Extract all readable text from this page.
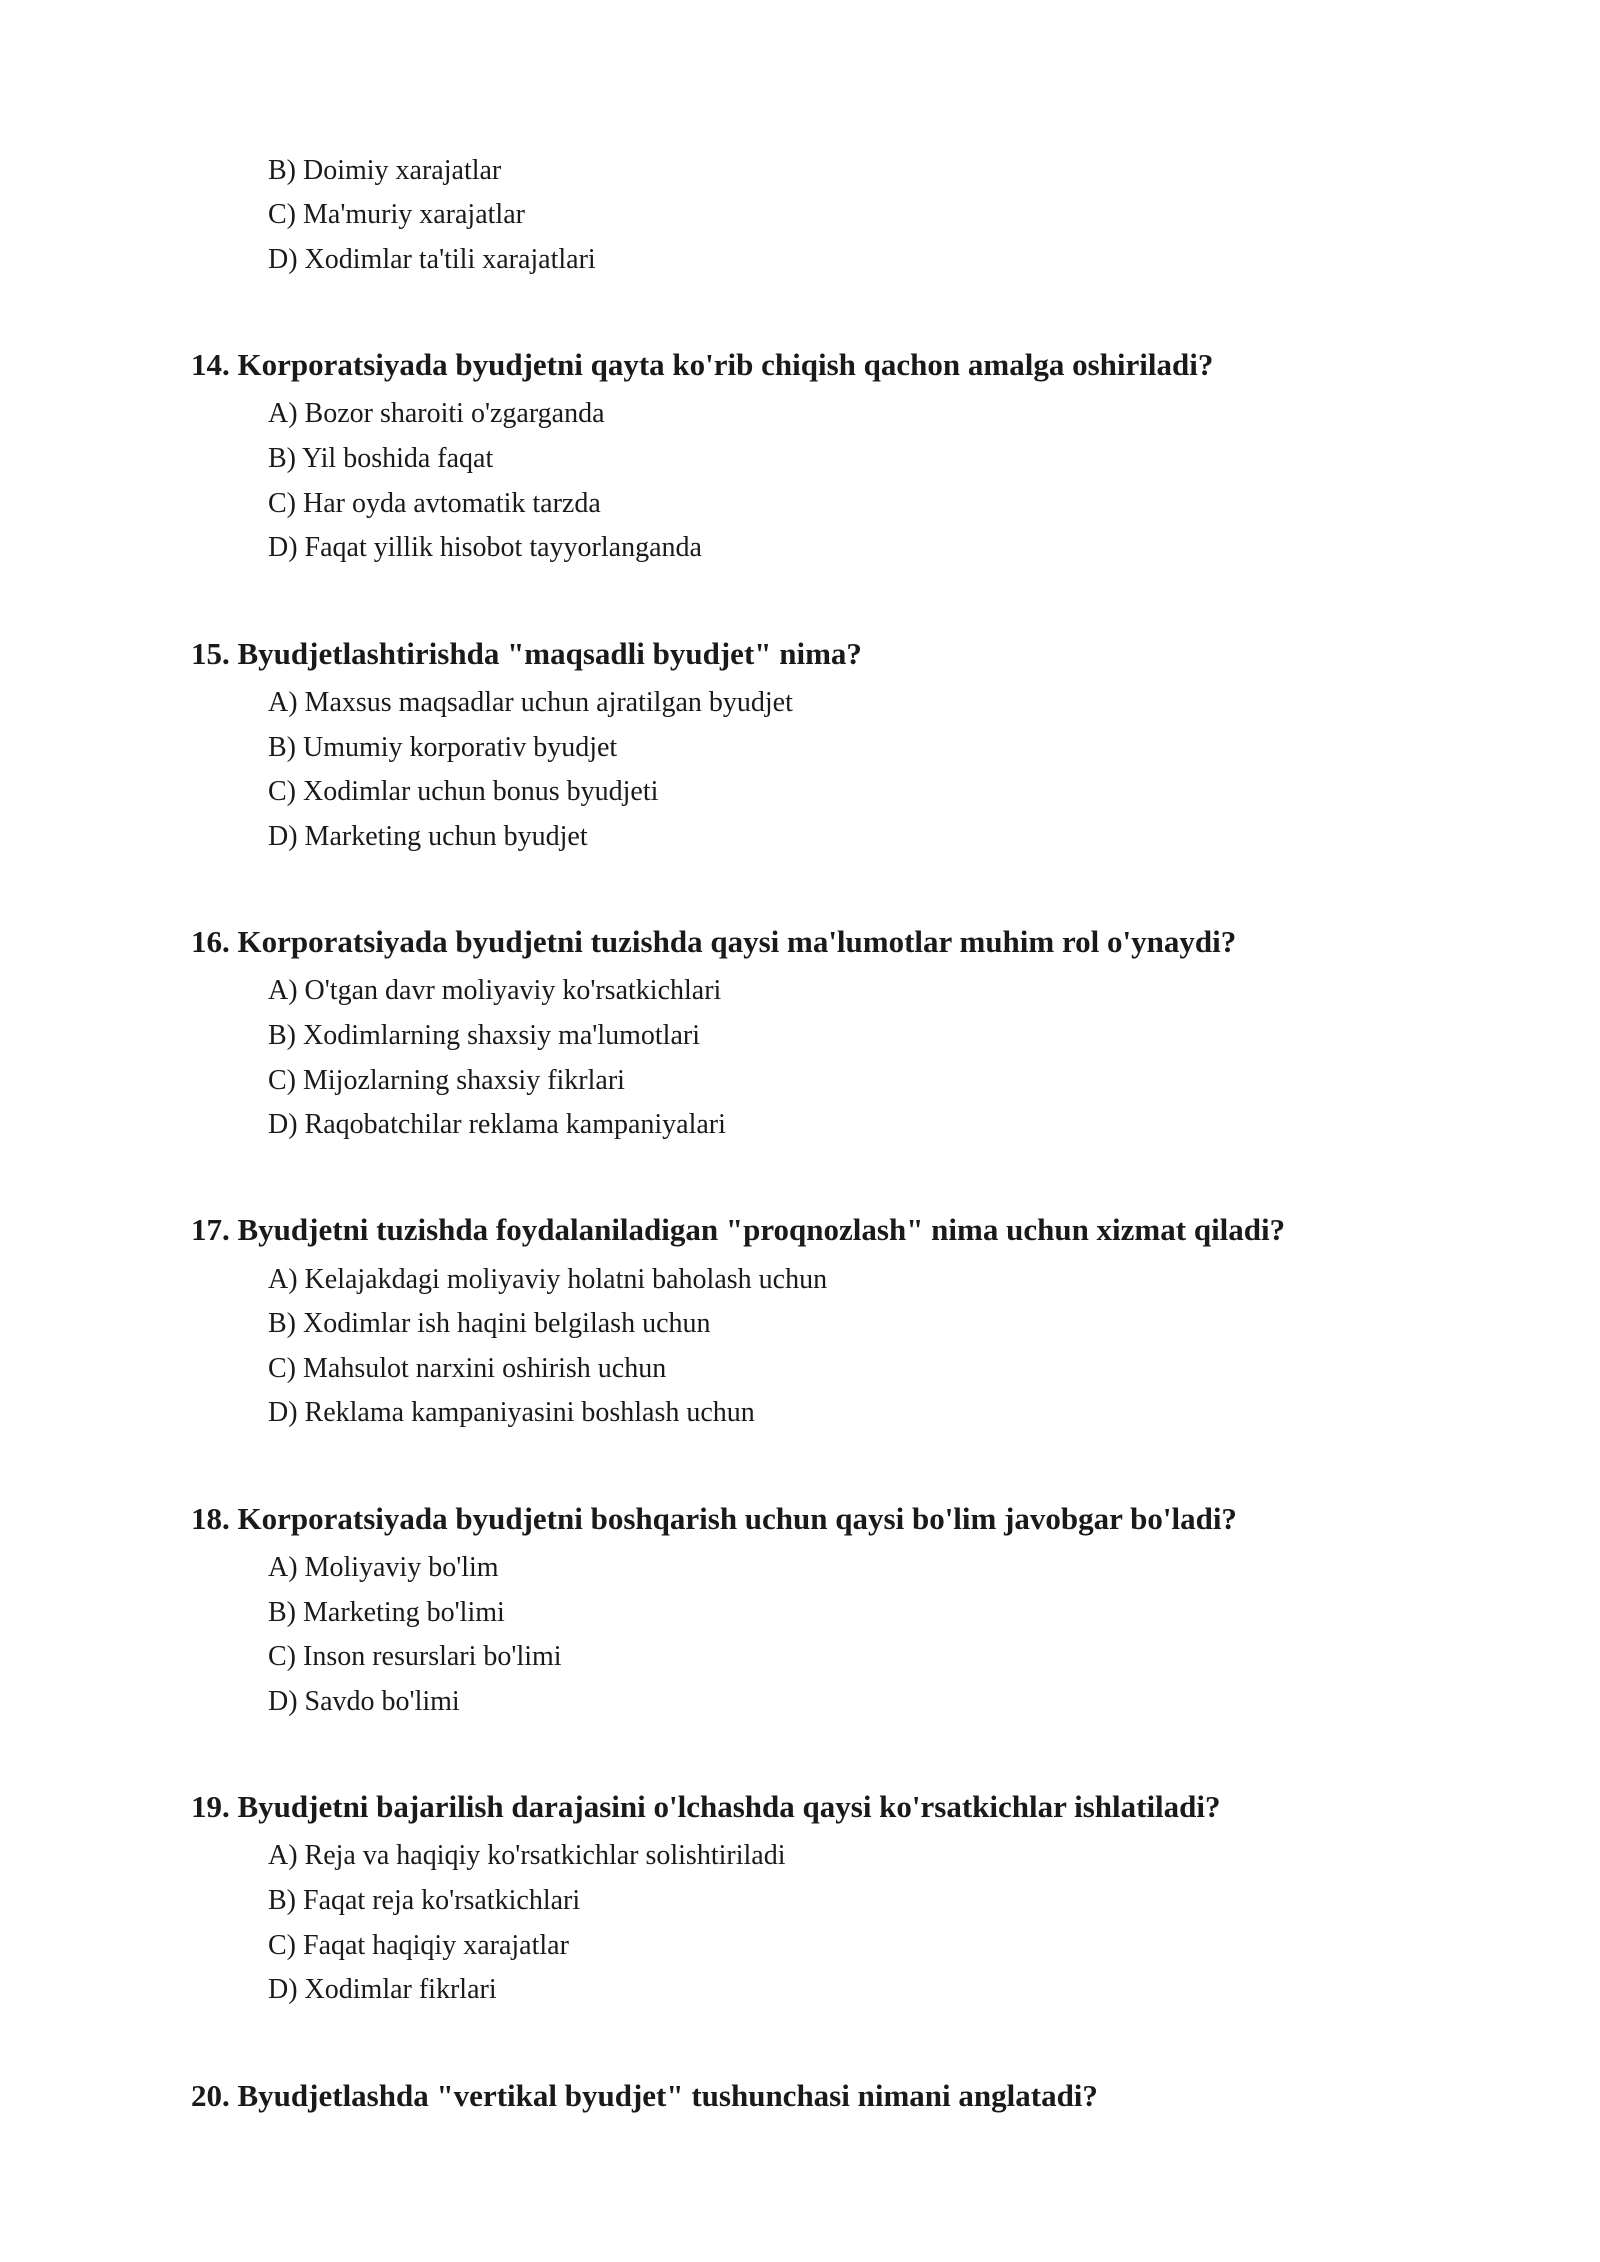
B) Doimiy xarajatlar
C) Ma'muriy xarajatlar
D) Xodimlar ta'tili xarajatlari
14. Korporatsiyada byudjetni qayta ko'rib chiqish qachon amalga oshiriladi?
A) Bozor sharoiti o'zgarganda
B) Yil boshida faqat
C) Har oyda avtomatik tarzda
D) Faqat yillik hisobot tayyorlanganda
15. Byudjetlashtirishda "maqsadli byudjet" nima?
A) Maxsus maqsadlar uchun ajratilgan byudjet
B) Umumiy korporativ byudjet
C) Xodimlar uchun bonus byudjeti
D) Marketing uchun byudjet
16. Korporatsiyada byudjetni tuzishda qaysi ma'lumotlar muhim rol o'ynaydi?
A) O'tgan davr moliyaviy ko'rsatkichlari
B) Xodimlarning shaxsiy ma'lumotlari
C) Mijozlarning shaxsiy fikrlari
D) Raqobatchilar reklama kampaniyalari
17. Byudjetni tuzishda foydalaniladigan "proqnozlash" nima uchun xizmat qiladi?
A) Kelajakdagi moliyaviy holatni baholash uchun
B) Xodimlar ish haqini belgilash uchun
C) Mahsulot narxini oshirish uchun
D) Reklama kampaniyasini boshlash uchun
18. Korporatsiyada byudjetni boshqarish uchun qaysi bo'lim javobgar bo'ladi?
A) Moliyaviy bo'lim
B) Marketing bo'limi
C) Inson resurslari bo'limi
D) Savdo bo'limi
19. Byudjetni bajarilish darajasini o'lchashda qaysi ko'rsatkichlar ishlatiladi?
A) Reja va haqiqiy ko'rsatkichlar solishtiriladi
B) Faqat reja ko'rsatkichlari
C) Faqat haqiqiy xarajatlar
D) Xodimlar fikrlari
20. Byudjetlashda "vertikal byudjet" tushunchasi nimani anglatadi?
